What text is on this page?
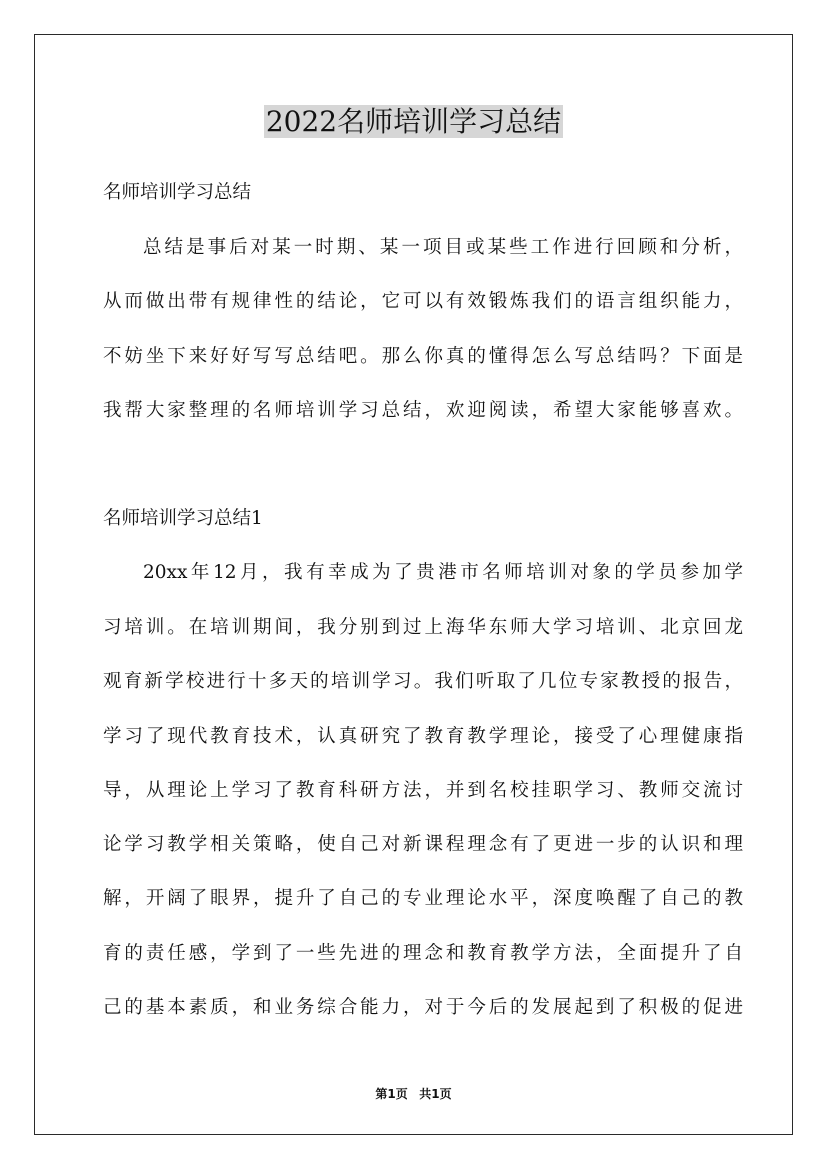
2022名师培训学习总结

名师培训学习总结

总结是事后对某一时期、某一项目或某些工作进行回顾和分析，

从而做出带有规律性的结论，它可以有效锻炼我们的语言组织能力，

不妨坐下来好好写写总结吧。那么你真的懂得怎么写总结吗？下面是

我帮大家整理的名师培训学习总结，欢迎阅读，希望大家能够喜欢。

名师培训学习总结1

20xx年12月，我有幸成为了贵港市名师培训对象的学员参加学

习培训。在培训期间，我分别到过上海华东师大学习培训、北京回龙

观育新学校进行十多天的培训学习。我们听取了几位专家教授的报告，

学习了现代教育技术，认真研究了教育教学理论，接受了心理健康指

导，从理论上学习了教育科研方法，并到名校挂职学习、教师交流讨

论学习教学相关策略，使自己对新课程理念有了更进一步的认识和理

解，开阔了眼界，提升了自己的专业理论水平，深度唤醒了自己的教

育的责任感，学到了一些先进的理念和教育教学方法，全面提升了自

己的基本素质，和业务综合能力，对于今后的发展起到了积极的促进

第1页 共1页
